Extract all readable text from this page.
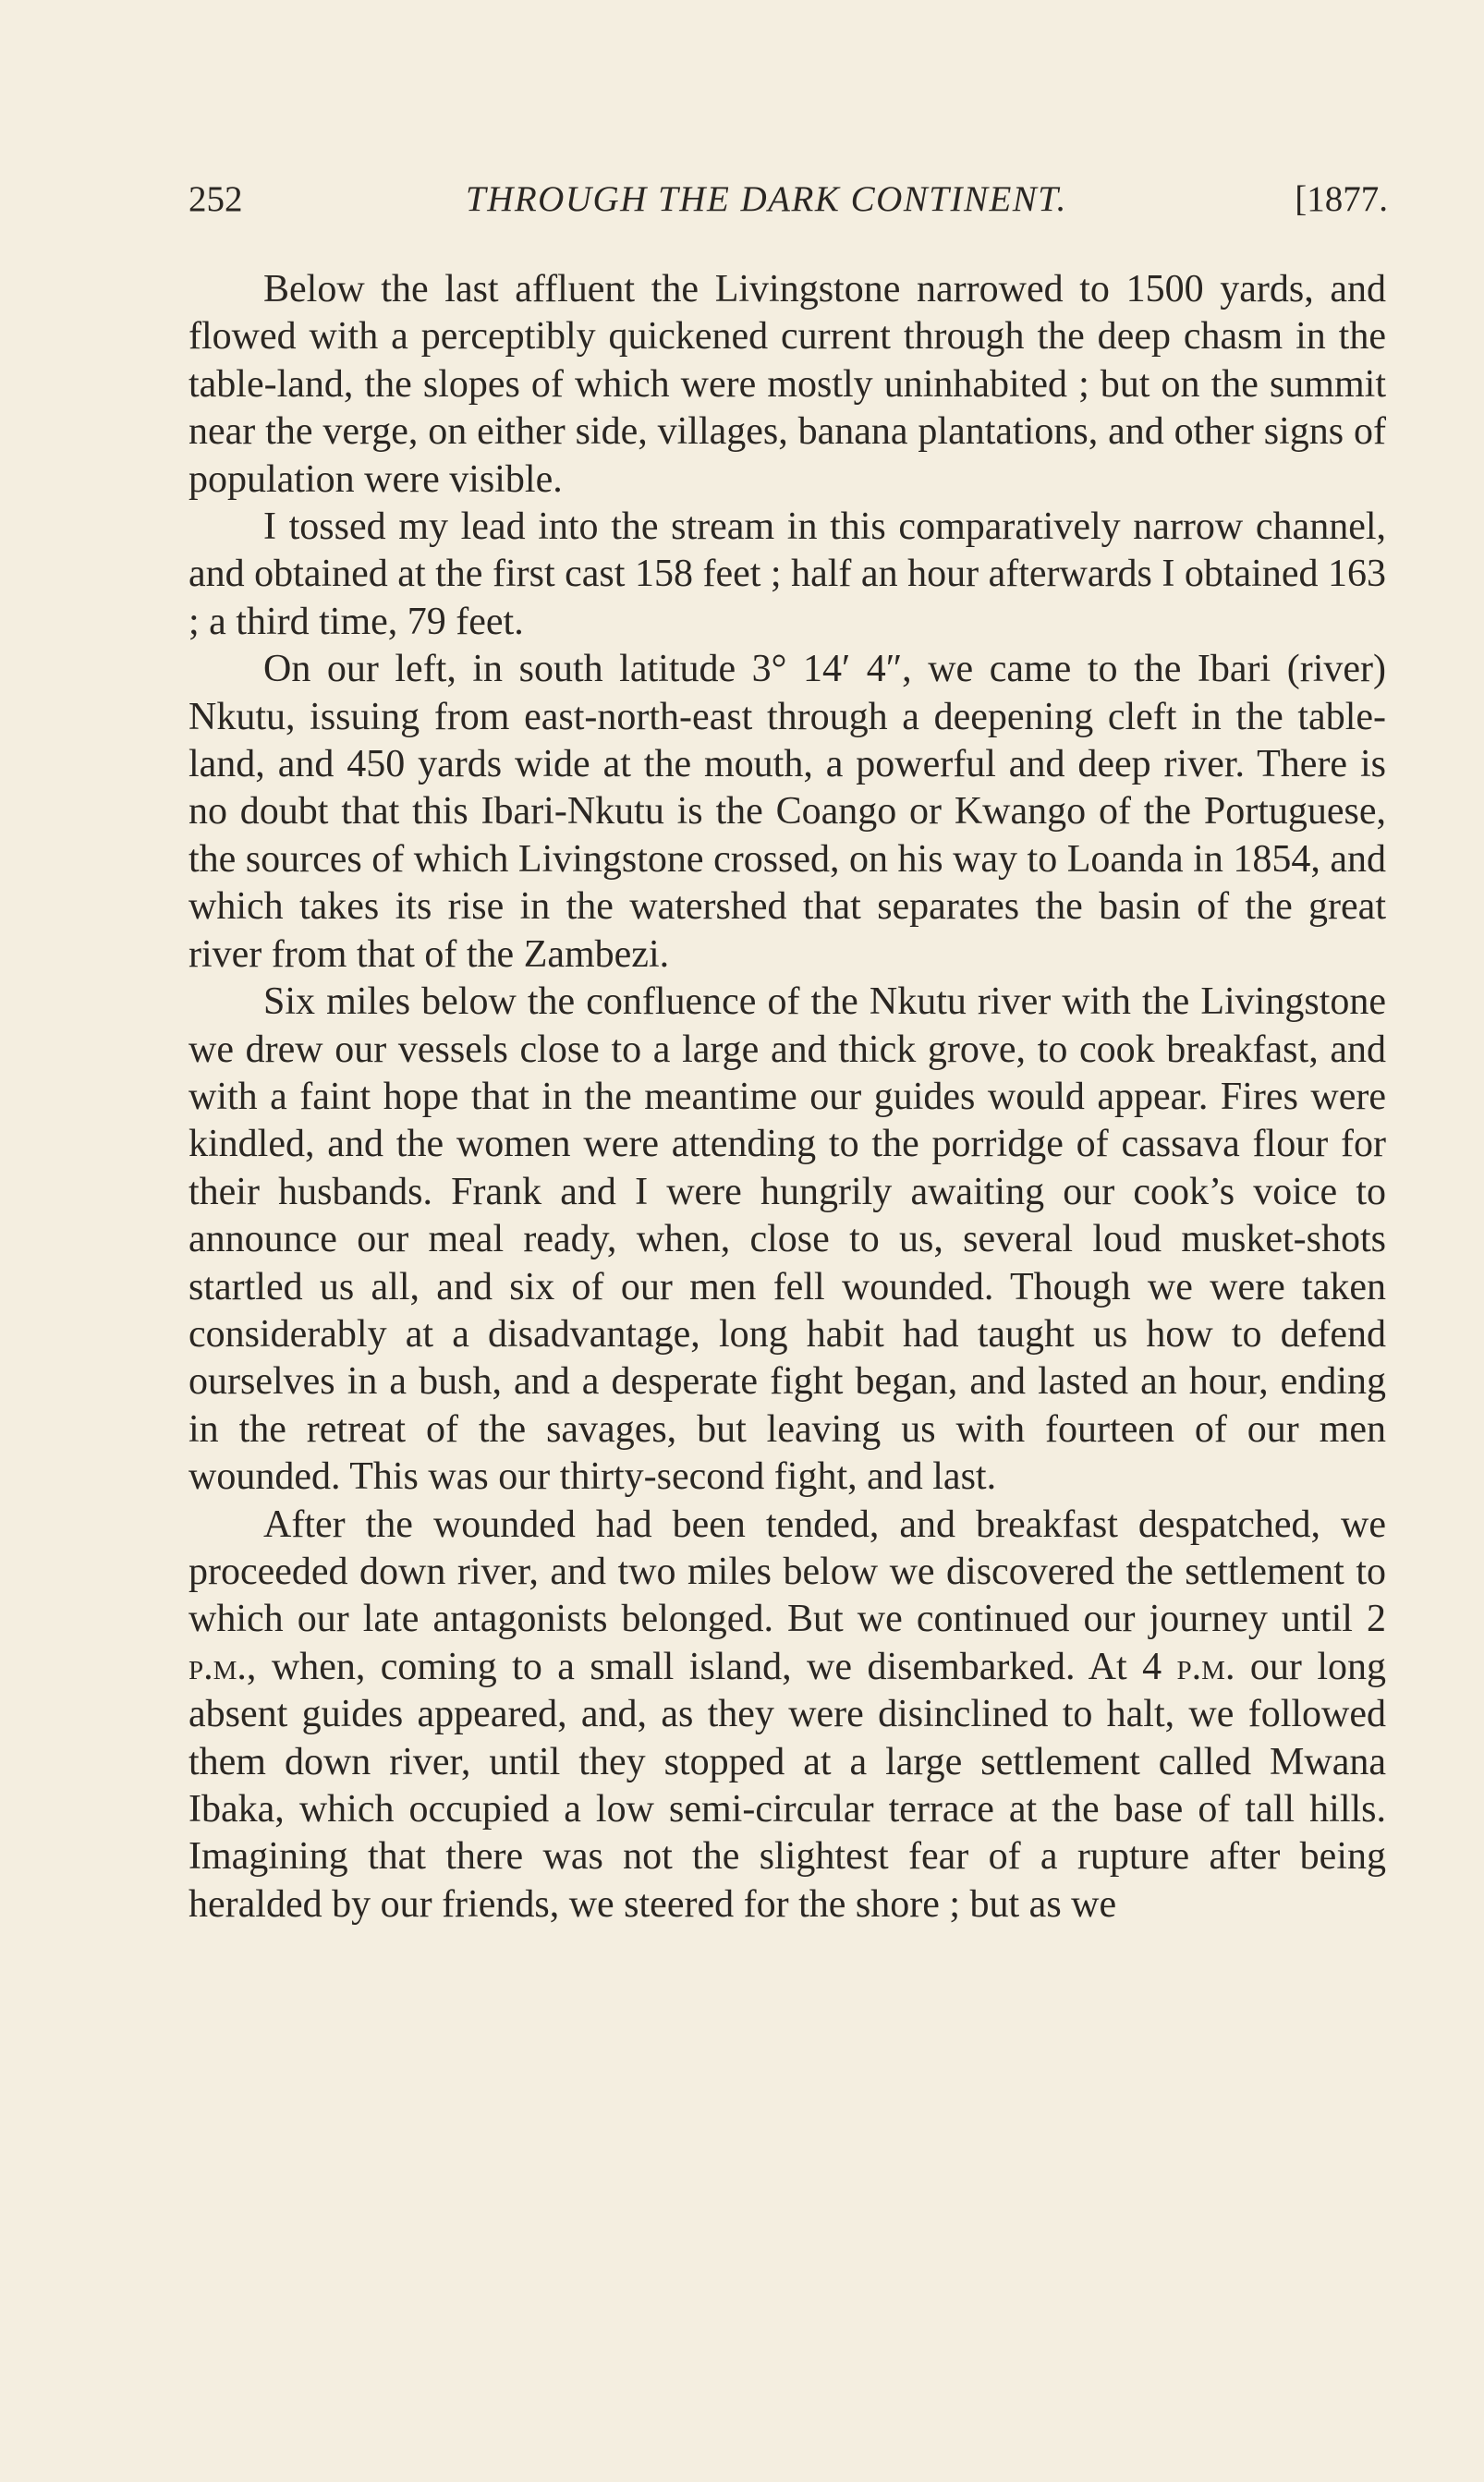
252	THROUGH THE DARK CONTINENT.	[1877.

Below the last affluent the Livingstone narrowed to 1500 yards, and flowed with a perceptibly quickened current through the deep chasm in the table-land, the slopes of which were mostly uninhabited ; but on the summit near the verge, on either side, villages, banana plantations, and other signs of population were visible.

I tossed my lead into the stream in this comparatively narrow channel, and obtained at the first cast 158 feet ; half an hour afterwards I obtained 163 ; a third time, 79 feet.

On our left, in south latitude 3° 14′ 4″, we came to the Ibari (river) Nkutu, issuing from east-north-east through a deepening cleft in the table-land, and 450 yards wide at the mouth, a powerful and deep river. There is no doubt that this Ibari-Nkutu is the Coango or Kwango of the Portuguese, the sources of which Livingstone crossed, on his way to Loanda in 1854, and which takes its rise in the watershed that separates the basin of the great river from that of the Zambezi.

Six miles below the confluence of the Nkutu river with the Livingstone we drew our vessels close to a large and thick grove, to cook breakfast, and with a faint hope that in the meantime our guides would appear. Fires were kindled, and the women were attending to the porridge of cassava flour for their husbands. Frank and I were hungrily awaiting our cook’s voice to announce our meal ready, when, close to us, several loud musket-shots startled us all, and six of our men fell wounded. Though we were taken considerably at a disadvantage, long habit had taught us how to defend ourselves in a bush, and a desperate fight began, and lasted an hour, ending in the retreat of the savages, but leaving us with fourteen of our men wounded. This was our thirty-second fight, and last.

After the wounded had been tended, and breakfast despatched, we proceeded down river, and two miles below we discovered the settlement to which our late antagonists belonged. But we continued our journey until 2 p.m., when, coming to a small island, we disembarked. At 4 p.m. our long absent guides appeared, and, as they were disinclined to halt, we followed them down river, until they stopped at a large settlement called Mwana Ibaka, which occupied a low semi-circular terrace at the base of tall hills. Imagining that there was not the slightest fear of a rupture after being heralded by our friends, we steered for the shore ; but as we
